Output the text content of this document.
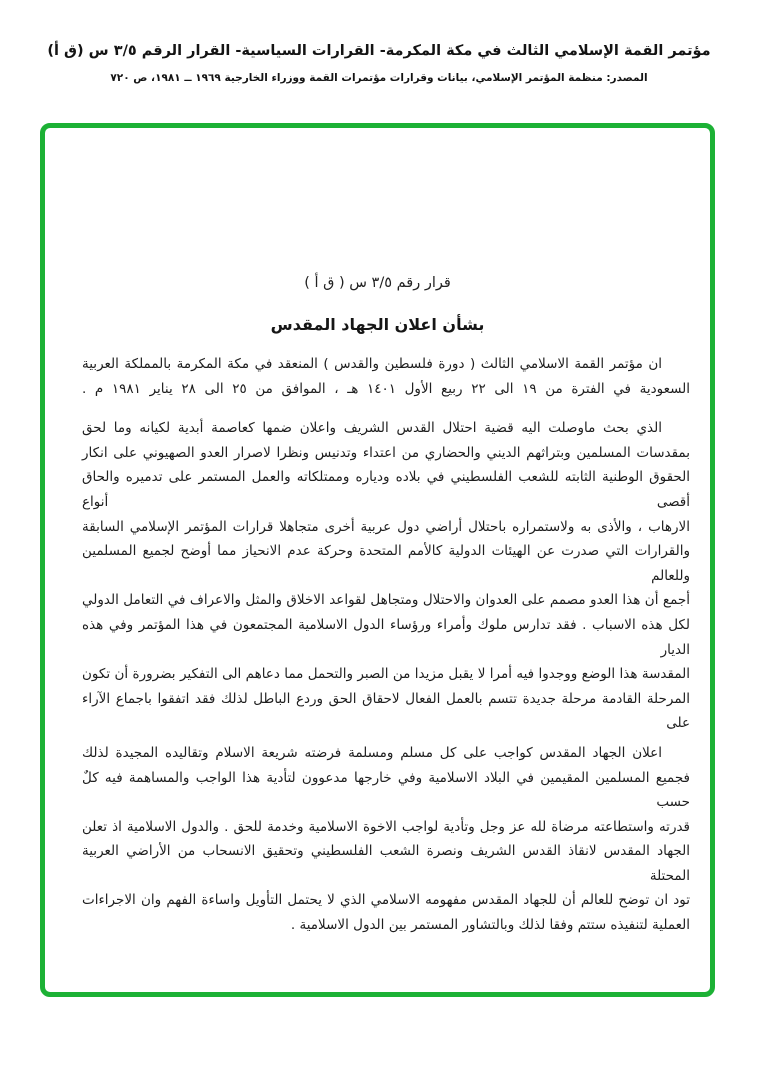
مؤتمر القمة الإسلامي الثالث في مكة المكرمة- القرارات السياسية- القرار الرقم ٣/٥ س (ق أ)
المصدر: منظمة المؤتمر الإسلامي، بيانات وقرارات مؤتمرات القمة ووزراء الخارجية ١٩٦٩ ــ ١٩٨١، ص ٧٢٠
قرار رقم ٣/٥ س ( ق أ )
بشأن اعلان الجهاد المقدس
ان مؤتمر القمة الاسلامي الثالث ( دورة فلسطين والقدس ) المنعقد في مكة المكرمة بالمملكة العربية
السعودية في الفترة من ١٩ الى ٢٢ ربيع الأول ١٤٠١ هـ ، الموافق من ٢٥ الى ٢٨ يناير ١٩٨١ م .
الذي بحث ماوصلت اليه قضية احتلال القدس الشريف واعلان ضمها كعاصمة أبدية لكيانه وما لحق
بمقدسات المسلمين وبتراثهم الديني والحضاري من اعتداء وتدنيس ونظرا لاصرار العدو الصهيوني على انكار
الحقوق الوطنية الثابته للشعب الفلسطيني في بلاده ودياره وممتلكاته والعمل المستمر على تدميره والحاق أقصى أنواع
الارهاب ، والأذى به ولاستمراره باحتلال أراضي دول عربية أخرى متجاهلا قرارات المؤتمر الإسلامي السابقة
والقرارات التي صدرت عن الهيئات الدولية كالأمم المتحدة وحركة عدم الانحياز مما أوضح لجميع المسلمين وللعالم
أجمع أن هذا العدو مصمم على العدوان والاحتلال ومتجاهل لقواعد الاخلاق والمثل والاعراف في التعامل الدولي
لكل هذه الاسباب . فقد تدارس ملوك وأمراء ورؤساء الدول الاسلامية المجتمعون في هذا المؤتمر وفي هذه الديار
المقدسة هذا الوضع ووجدوا فيه أمرا لا يقبل مزيدا من الصبر والتحمل مما دعاهم الى التفكير بضرورة أن تكون
المرحلة القادمة مرحلة جديدة تتسم بالعمل الفعال لاحقاق الحق وردع الباطل لذلك فقد اتفقوا باجماع الآراء
على
اعلان الجهاد المقدس كواجب على كل مسلم ومسلمة فرضته شريعة الاسلام وتقاليده المجيدة لذلك
فجميع المسلمين المقيمين في البلاد الاسلامية وفي خارجها مدعوون لتأدية هذا الواجب والمساهمة فيه كلٌ حسب
قدرته واستطاعته مرضاة لله عز وجل وتأدية لواجب الاخوة الاسلامية وخدمة للحق . والدول الاسلامية اذ تعلن
الجهاد المقدس لانقاذ القدس الشريف ونصرة الشعب الفلسطيني وتحقيق الانسحاب من الأراضي العربية المحتلة
تود ان توضح للعالم أن للجهاد المقدس مفهومه الاسلامي الذي لا يحتمل التأويل واساءة الفهم وان الاجراءات
العملية لتنفيذه ستتم وفقا لذلك وبالتشاور المستمر بين الدول الاسلامية .
